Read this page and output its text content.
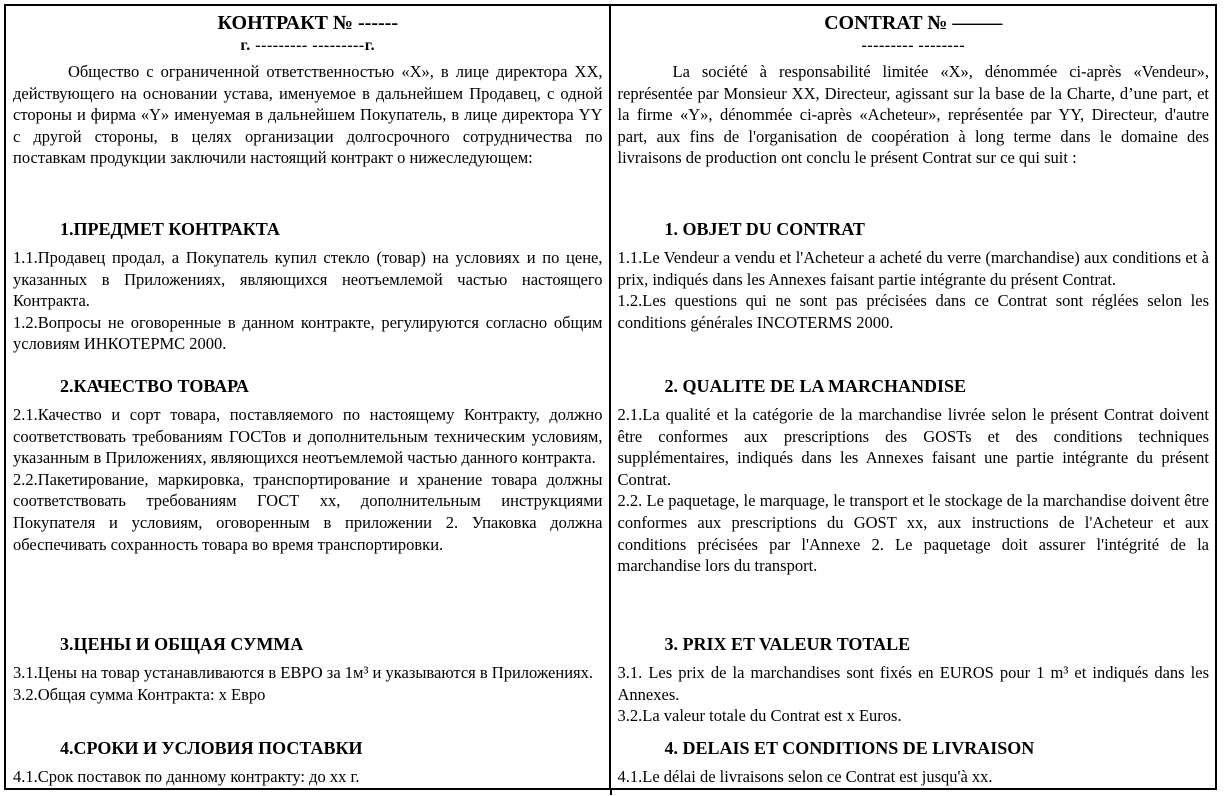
КОНТРАКТ № ------

г. --------- ---------г.

CONTRAT № –––––

--------- --------

Общество с ограниченной ответственностью «Х», в лице директора ХХ, действующего на основании устава, именуемое в дальнейшем Продавец, с одной стороны и фирма «Y» именуемая в дальнейшем Покупатель, в лице директора YY с другой стороны, в целях организации долгосрочного сотрудничества по поставкам продукции заключили настоящий контракт о нижеследующем:

La société à responsabilité limitée «X», dénommée ci-après «Vendeur», représentée par Monsieur XX, Directeur, agissant sur la base de la Charte, d’une part, et la firme «Y», dénommée ci-après «Acheteur», représentée par YY, Directeur, d'autre part, aux fins de l'organisation de coopération à long terme dans le domaine des livraisons de production ont conclu le présent Contrat sur ce qui suit :

1.ПРЕДМЕТ КОНТРАКТА

1.1.Продавец продал, а Покупатель купил стекло (товар) на условиях и по цене, указанных в Приложениях, являющихся неотъемлемой частью настоящего Контракта.

1.2.Вопросы не оговоренные в данном контракте, регулируются согласно общим условиям ИНКОТЕРМС 2000.

1. OBJET DU CONTRAT

1.1.Le Vendeur a vendu et l'Acheteur a acheté du verre (marchandise) aux conditions et à prix, indiqués dans les Annexes faisant partie intégrante du présent Contrat.

1.2.Les questions qui ne sont pas précisées dans ce Contrat sont réglées selon les conditions générales INCOTERMS 2000.

2.КАЧЕСТВО ТОВАРА

2.1.Качество и сорт товара, поставляемого по настоящему Контракту, должно соответствовать требованиям ГОСТов и дополнительным техническим условиям, указанным в Приложениях, являющихся неотъемлемой частью данного контракта.

2.2.Пакетирование, маркировка, транспортирование и хранение товара должны соответствовать требованиям ГОСТ хх, дополнительным инструкциями Покупателя и условиям, оговоренным в приложении 2. Упаковка должна обеспечивать сохранность товара во время транспортировки.

2. QUALITE DE LA MARCHANDISE

2.1.La qualité et la catégorie de la marchandise livrée selon le présent Contrat doivent être conformes aux prescriptions des GOSTs et des conditions techniques supplémentaires, indiqués dans les Annexes faisant une partie intégrante du présent Contrat.

2.2. Le paquetage, le marquage, le transport et le stockage de la marchandise doivent être conformes aux prescriptions du GOST xx, aux instructions de l'Acheteur et aux conditions précisées par l'Annexe 2. Le paquetage doit assurer l'intégrité de la marchandise lors du transport.

3.ЦЕНЫ И ОБЩАЯ СУММА

3.1.Цены на товар устанавливаются в ЕВРО за 1м³ и указываются в Приложениях.

3.2.Общая сумма Контракта: х Евро

3. PRIX ET VALEUR TOTALE

3.1. Les prix de la marchandises sont fixés en EUROS pour 1 m³ et indiqués dans les Annexes.

3.2.La valeur totale du Contrat est x Euros.

4.СРОКИ И УСЛОВИЯ ПОСТАВКИ

4.1.Срок поставок по данному контракту: до хх г.

4. DELAIS ET CONDITIONS DE LIVRAISON

4.1.Le délai de livraisons selon ce Contrat est jusqu'à xx.
